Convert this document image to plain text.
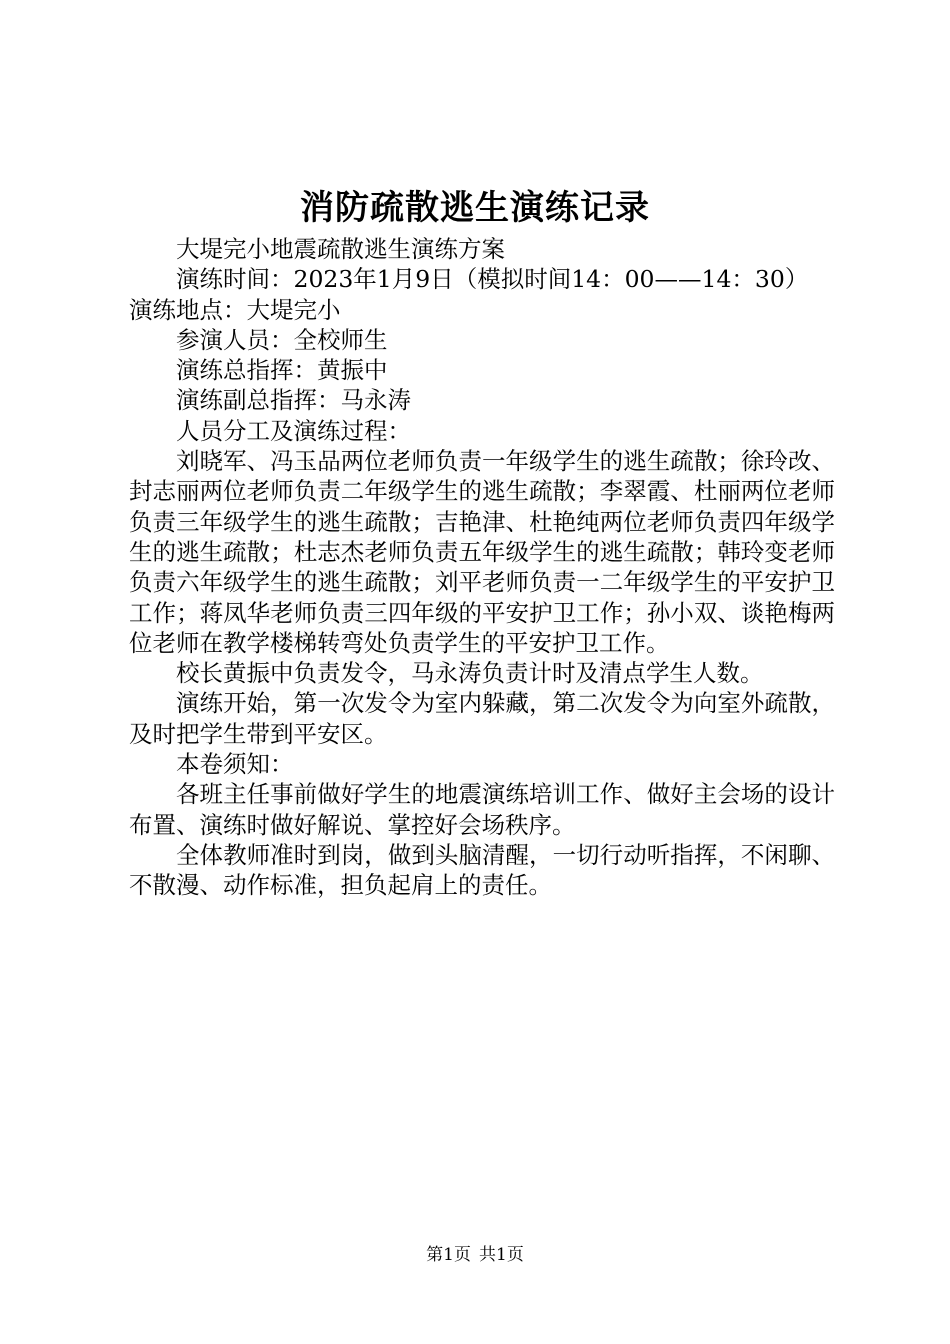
消防疏散逃生演练记录

大堤完小地震疏散逃生演练方案

演练时间：2023年1月9日（模拟时间14：00——14：30）

演练地点：大堤完小

参演人员：全校师生

演练总指挥：黄振中

演练副总指挥：马永涛

人员分工及演练过程：

刘晓军、冯玉品两位老师负责一年级学生的逃生疏散；徐玲改、封志丽两位老师负责二年级学生的逃生疏散；李翠霞、杜丽两位老师负责三年级学生的逃生疏散；吉艳津、杜艳纯两位老师负责四年级学生的逃生疏散；杜志杰老师负责五年级学生的逃生疏散；韩玲变老师负责六年级学生的逃生疏散；刘平老师负责一二年级学生的平安护卫工作；蒋凤华老师负责三四年级的平安护卫工作；孙小双、谈艳梅两位老师在教学楼梯转弯处负责学生的平安护卫工作。

校长黄振中负责发令，马永涛负责计时及清点学生人数。

演练开始，第一次发令为室内躲藏，第二次发令为向室外疏散，及时把学生带到平安区。

本卷须知：

各班主任事前做好学生的地震演练培训工作、做好主会场的设计布置、演练时做好解说、掌控好会场秩序。

全体教师准时到岗，做到头脑清醒，一切行动听指挥，不闲聊、不散漫、动作标准，担负起肩上的责任。

第1页 共1页
